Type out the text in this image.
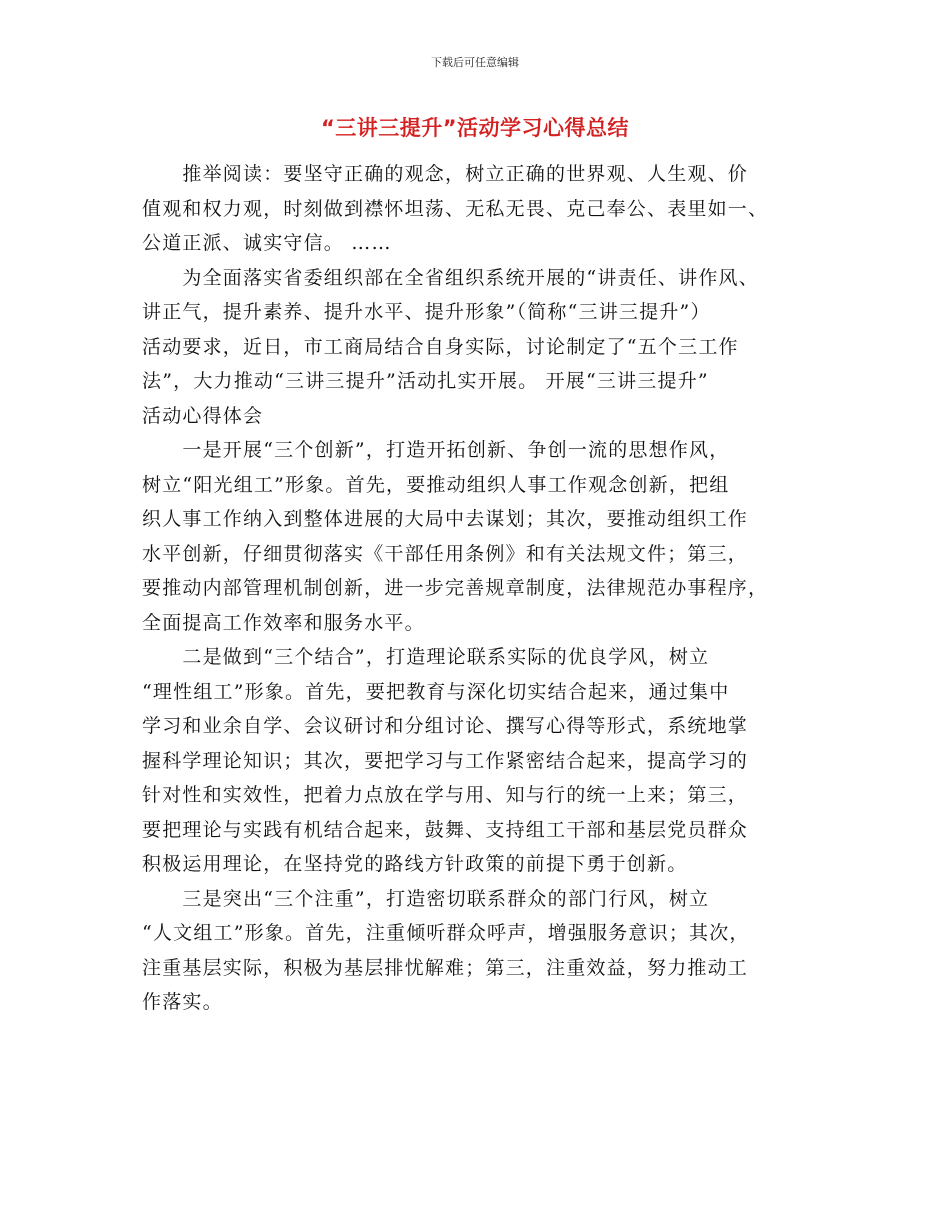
下载后可任意编辑
“三讲三提升”活动学习心得总结
　　推举阅读：要坚守正确的观念，树立正确的世界观、人生观、价
值观和权力观，时刻做到襟怀坦荡、无私无畏、克己奉公、表里如一、
公道正派、诚实守信。 ……
　　为全面落实省委组织部在全省组织系统开展的“讲责任、讲作风、
讲正气，提升素养、提升水平、提升形象”（简称“三讲三提升”）
活动要求，近日，市工商局结合自身实际，讨论制定了“五个三工作
法”，大力推动“三讲三提升”活动扎实开展。 开展“三讲三提升”
活动心得体会
　　一是开展“三个创新”，打造开拓创新、争创一流的思想作风，
树立“阳光组工”形象。首先，要推动组织人事工作观念创新，把组
织人事工作纳入到整体进展的大局中去谋划；其次，要推动组织工作
水平创新，仔细贯彻落实《干部任用条例》和有关法规文件；第三，
要推动内部管理机制创新，进一步完善规章制度，法律规范办事程序，
全面提高工作效率和服务水平。
　　二是做到“三个结合”，打造理论联系实际的优良学风，树立
“理性组工”形象。首先，要把教育与深化切实结合起来，通过集中
学习和业余自学、会议研讨和分组讨论、撰写心得等形式，系统地掌
握科学理论知识；其次，要把学习与工作紧密结合起来，提高学习的
针对性和实效性，把着力点放在学与用、知与行的统一上来；第三，
要把理论与实践有机结合起来，鼓舞、支持组工干部和基层党员群众
积极运用理论，在坚持党的路线方针政策的前提下勇于创新。
　　三是突出“三个注重”，打造密切联系群众的部门行风，树立
“人文组工”形象。首先，注重倾听群众呼声，增强服务意识；其次，
注重基层实际，积极为基层排忧解难；第三，注重效益，努力推动工
作落实。
